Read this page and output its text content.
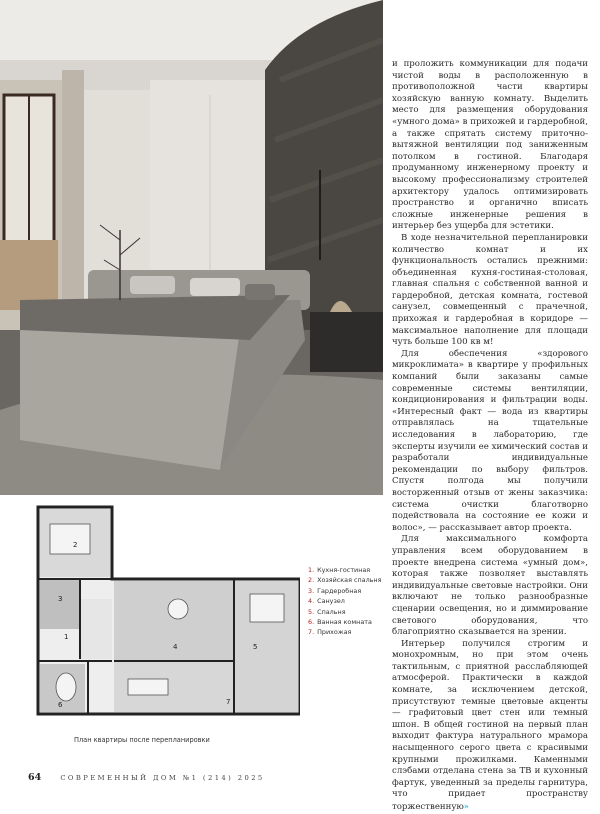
и проложить коммуникации для подачи чистой воды в расположенную в противоположной части квартиры хозяйскую ванную комнату. Выделить место для размещения оборудования «умного дома» в прихожей и гардеробной, а также спрятать систему приточно-вытяжной вентиляции под заниженным потолком в гостиной. Благодаря продуманному инженерному проекту и высокому профессионализму строителей архитектору удалось оптимизировать пространство и органично вписать сложные инженерные решения в интерьер без ущерба для эстетики.

В ходе незначительной перепланировки количество комнат и их функциональность остались прежними: объединенная кухня-гостиная-столовая, главная спальня с собственной ванной и гардеробной, детская комната, гостевой санузел, совмещенный с прачечной, прихожая и гардеробная в коридоре — максимальное наполнение для площади чуть больше 100 кв м!

Для обеспечения «здорового микроклимата» в квартире у профильных компаний были заказаны самые современные системы вентиляции, кондиционирования и фильтрации воды. «Интересный факт — вода из квартиры отправлялась на тщательные исследования в лабораторию, где эксперты изучили ее химический состав и разработали индивидуальные рекомендации по выбору фильтров. Спустя полгода мы получили восторженный отзыв от жены заказчика: система очистки благотворно подействовала на состояние ее кожи и волос», — рассказывает автор проекта.

Для максимального комфорта управления всем оборудованием в проекте внедрена система «умный дом», которая также позволяет выставлять индивидуальные световые настройки. Они включают не только разнообразные сценарии освещения, но и диммирование светового оборудования, что благоприятно сказывается на зрении.

Интерьер получился строгим и монохромным, но при этом очень тактильным, с приятной расслабляющей атмосферой. Практически в каждой комнате, за исключением детской, присутствуют темные цветовые акценты — графитовый цвет стен или темный шпон. В общей гостиной на первый план выходит фактура натурального мрамора насыщенного серого цвета с красивыми крупными прожилками. Каменными слэбами отделана стена за ТВ и кухонный фартук, уведенный за пределы гарнитура, что придает пространству торжественную»

2
3
1
4	5
7
6
1. Кухня-гостиная
2. Хозяйская спальня
3. Гардеробная
4. Санузел
5. Спальня
6. Ванная комната
7. Прихожая
План квартиры после перепланировки
64	СОВРЕМЕННЫЙ ДОМ №1 (214) 2025
